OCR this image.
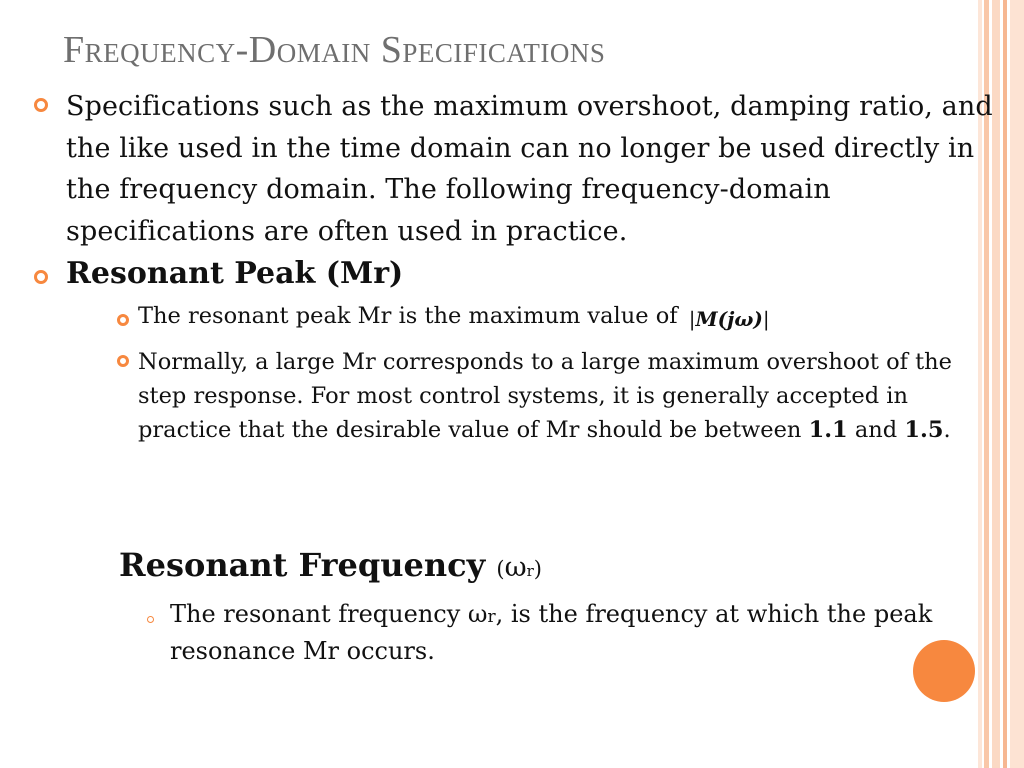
Frequency-Domain Specifications
Specifications such as the maximum overshoot, damping ratio, and the like used in the time domain can no longer be used directly in the frequency domain. The following frequency-domain specifications are often used in practice.
Resonant Peak (Mr)
The resonant peak Mr is the maximum value of |M(jω)|
Normally, a large Mr corresponds to a large maximum overshoot of the step response. For most control systems, it is generally accepted in practice that the desirable value of Mr should be between 1.1 and 1.5.
Resonant Frequency (ωr)
The resonant frequency ωr, is the frequency at which the peak resonance Mr occurs.
